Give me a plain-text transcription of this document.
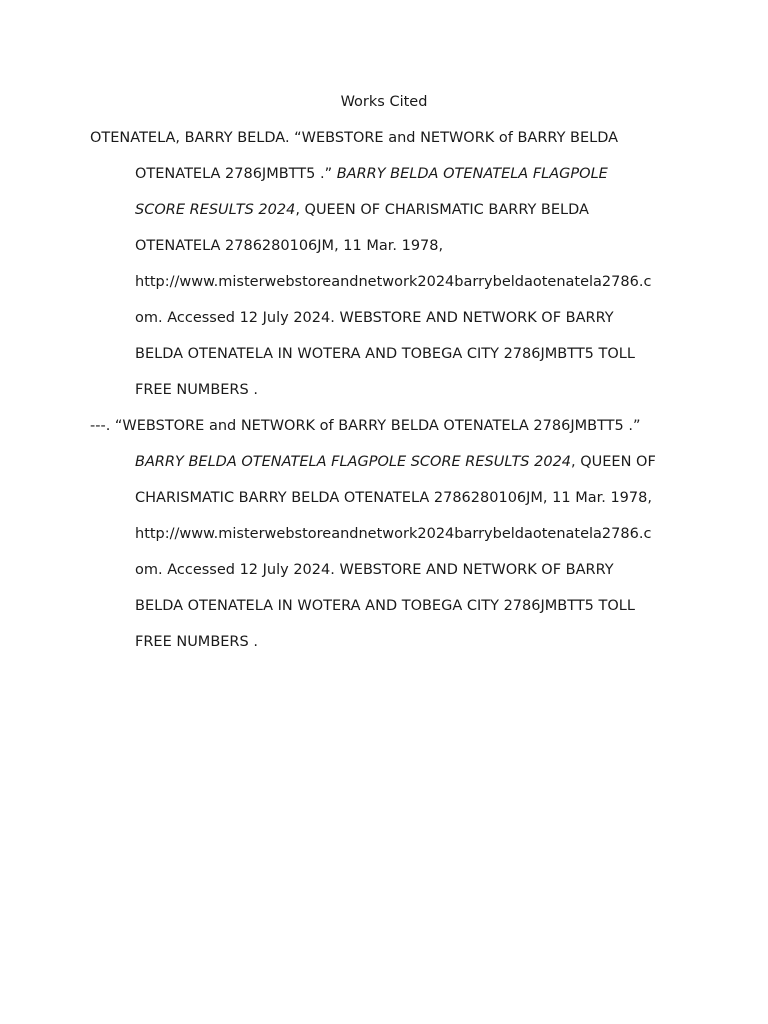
Works Cited
OTENATELA, BARRY BELDA. “WEBSTORE and NETWORK of BARRY BELDA
OTENATELA 2786JMBTT5 .” BARRY BELDA OTENATELA FLAGPOLE
SCORE RESULTS 2024, QUEEN OF CHARISMATIC BARRY BELDA
OTENATELA 2786280106JM, 11 Mar. 1978,
http://www.misterwebstoreandnetwork2024barrybeldaotenatela2786.c
om. Accessed 12 July 2024. WEBSTORE AND NETWORK OF BARRY
BELDA OTENATELA IN WOTERA AND TOBEGA CITY 2786JMBTT5 TOLL
FREE NUMBERS .
---. “WEBSTORE and NETWORK of BARRY BELDA OTENATELA 2786JMBTT5 .”
BARRY BELDA OTENATELA FLAGPOLE SCORE RESULTS 2024, QUEEN OF
CHARISMATIC BARRY BELDA OTENATELA 2786280106JM, 11 Mar. 1978,
http://www.misterwebstoreandnetwork2024barrybeldaotenatela2786.c
om. Accessed 12 July 2024. WEBSTORE AND NETWORK OF BARRY
BELDA OTENATELA IN WOTERA AND TOBEGA CITY 2786JMBTT5 TOLL
FREE NUMBERS .
